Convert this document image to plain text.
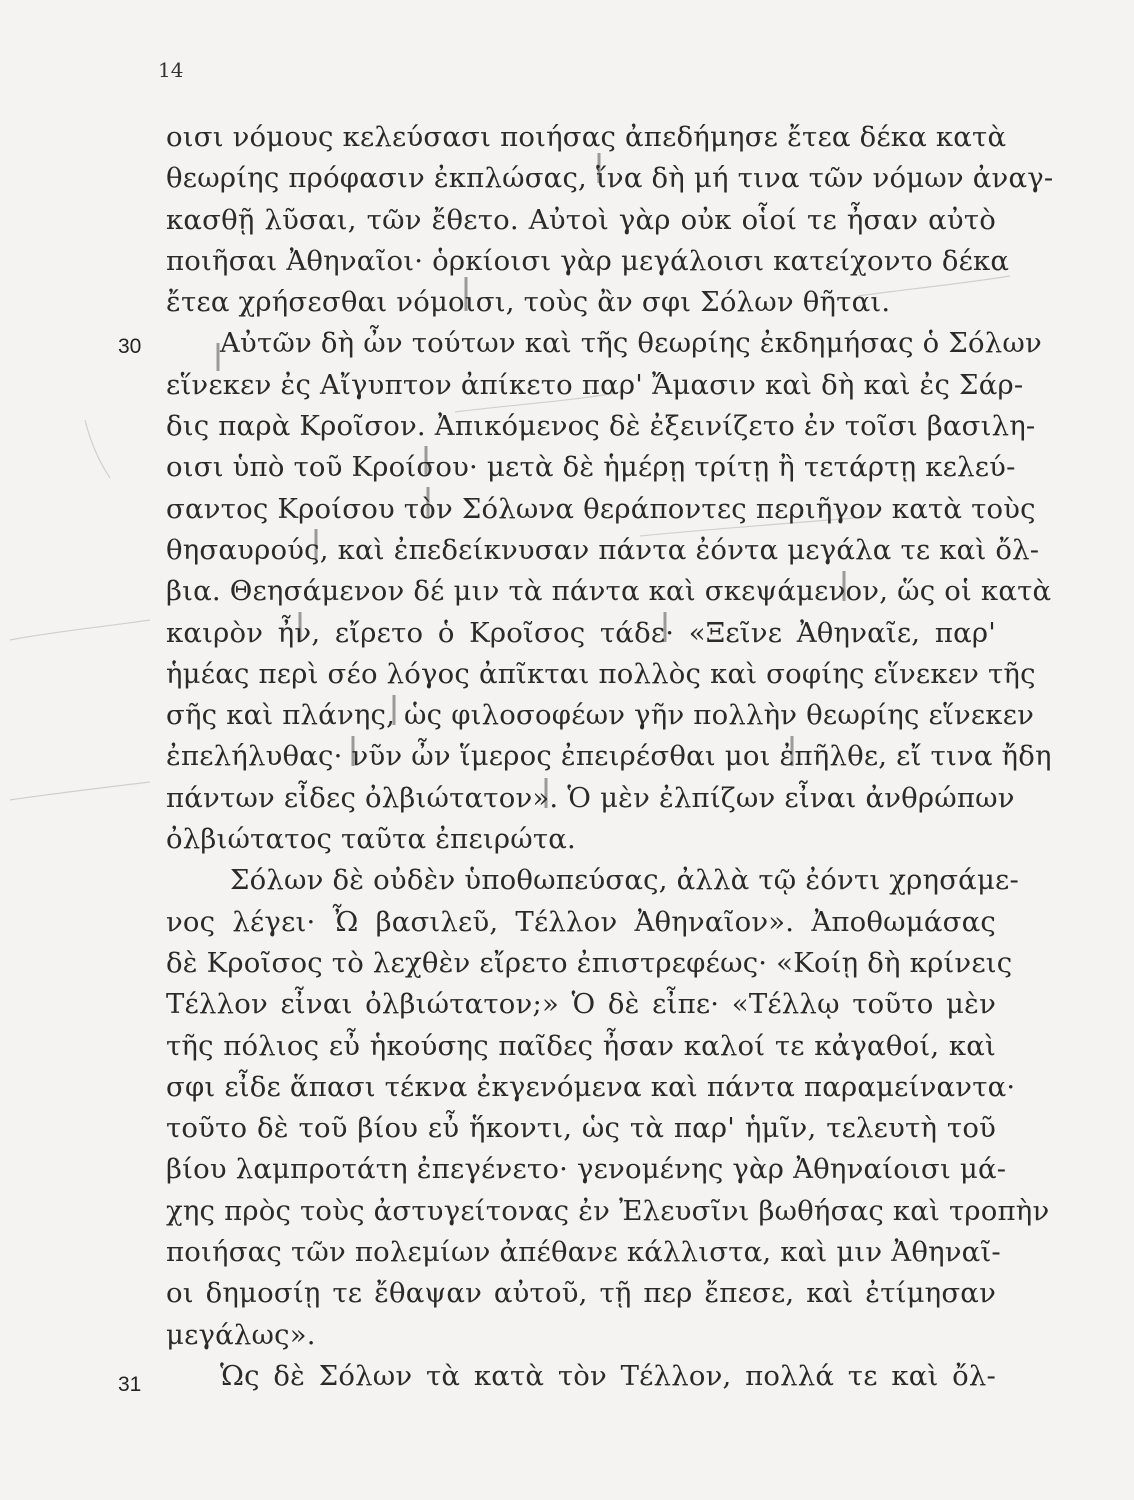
14
30
31
οισι νόμους κελεύσασι ποιήσας ἀπεδήμησε ἔτεα δέκα κατὰ
θεωρίης πρόφασιν ἐκπλώσας, ἵνα δὴ μή τινα τῶν νόμων ἀναγ-
κασθῇ λῦσαι, τῶν ἔθετο. Αὐτοὶ γὰρ οὐκ οἷοί τε ἦσαν αὐτὸ
ποιῆσαι Ἀθηναῖοι· ὁρκίοισι γὰρ μεγάλοισι κατείχοντο δέκα
ἔτεα χρήσεσθαι νόμοισι, τοὺς ἂν σφι Σόλων θῆται.
Αὐτῶν δὴ ὦν τούτων καὶ τῆς θεωρίης ἐκδημήσας ὁ Σόλων
εἵνεκεν ἐς Αἴγυπτον ἀπίκετο παρ' Ἄμασιν καὶ δὴ καὶ ἐς Σάρ-
δις παρὰ Κροῖσον. Ἀπικόμενος δὲ ἐξεινίζετο ἐν τοῖσι βασιλη-
οισι ὑπὸ τοῦ Κροίσου· μετὰ δὲ ἡμέρῃ τρίτῃ ἢ τετάρτῃ κελεύ-
σαντος Κροίσου τὸν Σόλωνα θεράποντες περιῆγον κατὰ τοὺς
θησαυρούς, καὶ ἐπεδείκνυσαν πάντα ἐόντα μεγάλα τε καὶ ὄλ-
βια. Θεησάμενον δέ μιν τὰ πάντα καὶ σκεψάμενον, ὥς οἱ κατὰ
καιρὸν ἦν, εἴρετο ὁ Κροῖσος τάδε· «Ξεῖνε Ἀθηναῖε, παρ'
ἡμέας περὶ σέο λόγος ἀπῖκται πολλὸς καὶ σοφίης εἵνεκεν τῆς
σῆς καὶ πλάνης, ὡς φιλοσοφέων γῆν πολλὴν θεωρίης εἵνεκεν
ἐπελήλυθας· νῦν ὦν ἵμερος ἐπειρέσθαι μοι ἐπῆλθε, εἴ τινα ἤδη
πάντων εἶδες ὀλβιώτατον». Ὁ μὲν ἐλπίζων εἶναι ἀνθρώπων
ὀλβιώτατος ταῦτα ἐπειρώτα.
Σόλων δὲ οὐδὲν ὑποθωπεύσας, ἀλλὰ τῷ ἐόντι χρησάμε-
νος λέγει· Ὦ βασιλεῦ, Τέλλον Ἀθηναῖον». Ἀποθωμάσας
δὲ Κροῖσος τὸ λεχθὲν εἴρετο ἐπιστρεφέως· «Κοίῃ δὴ κρίνεις
Τέλλον εἶναι ὀλβιώτατον;» Ὁ δὲ εἶπε· «Τέλλῳ τοῦτο μὲν
τῆς πόλιος εὖ ἡκούσης παῖδες ἦσαν καλοί τε κἀγαθοί, καὶ
σφι εἶδε ἅπασι τέκνα ἐκγενόμενα καὶ πάντα παραμείναντα·
τοῦτο δὲ τοῦ βίου εὖ ἥκοντι, ὡς τὰ παρ' ἡμῖν, τελευτὴ τοῦ
βίου λαμπροτάτη ἐπεγένετο· γενομένης γὰρ Ἀθηναίοισι μά-
χης πρὸς τοὺς ἀστυγείτονας ἐν Ἐλευσῖνι βωθήσας καὶ τροπὴν
ποιήσας τῶν πολεμίων ἀπέθανε κάλλιστα, καὶ μιν Ἀθηναῖ-
οι δημοσίῃ τε ἔθαψαν αὐτοῦ, τῇ περ ἔπεσε, καὶ ἐτίμησαν
μεγάλως».
Ὡς δὲ Σόλων τὰ κατὰ τὸν Τέλλον, πολλά τε καὶ ὄλ-
